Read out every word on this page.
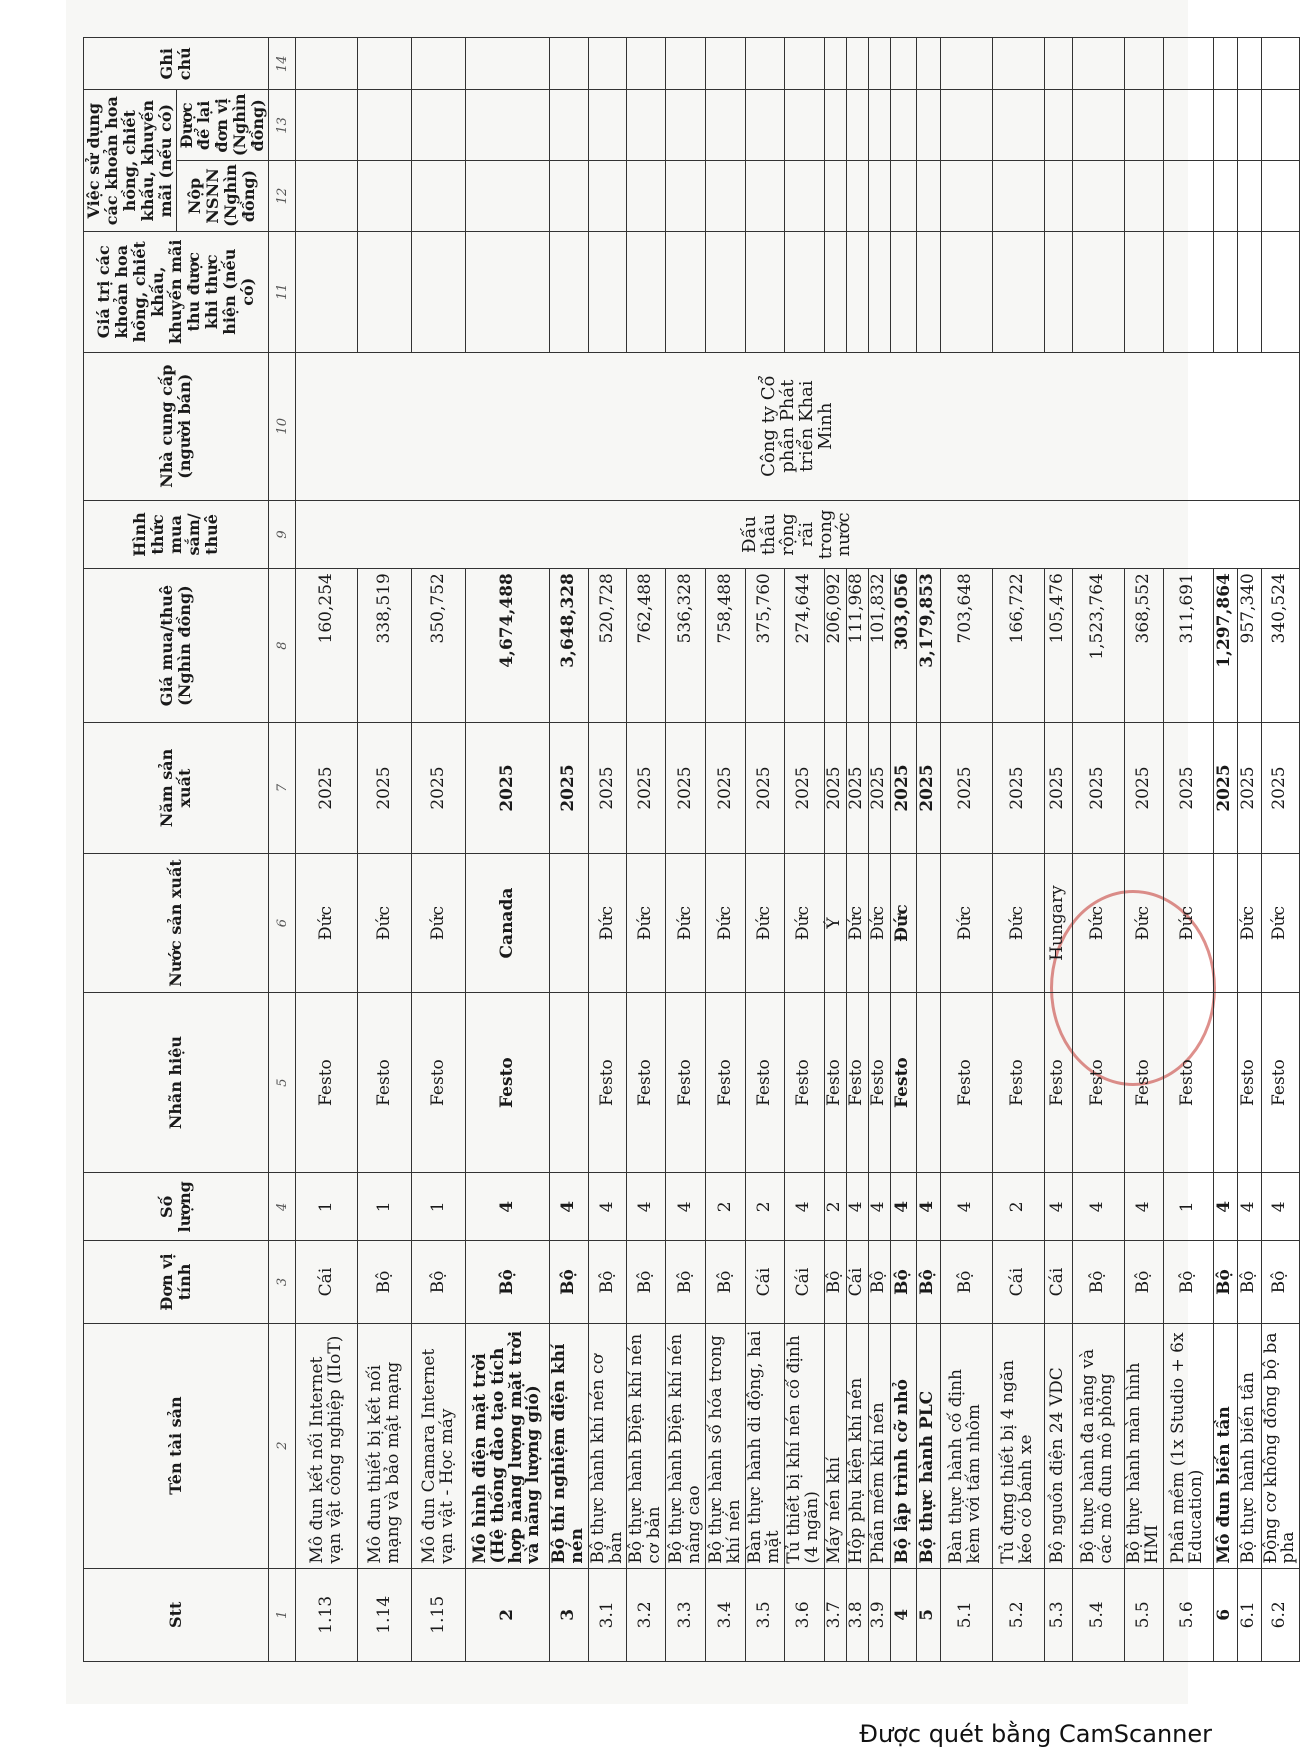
Stt	Tên tài sản	Đơn vị tính	Số lượng	Nhãn hiệu	Nước sản xuất	Năm sản xuất	Giá mua/thuê (Nghìn đồng)	Hình thức mua sắm/ thuê	Nhà cung cấp (người bán)	Giá trị các khoản hoa hồng, chiết khấu, khuyến mãi thu được khi thực hiện (nếu có)	Việc sử dụng các khoản hoa hồng, chiết khấu, khuyến mãi (nếu có)		Ghi chú
											Nộp NSNN (Nghìn đồng)	Được để lại đơn vị (Nghìn đồng)	
1	2	3	4	5	6	7	8	9	10	11	12	13	14
1.13	Mô đun kết nối Internet vạn vật công nghiệp (IIoT)	Cái	1	Festo	Đức	2025	160,254	Đấu thầu rộng rãi trong nước	Công ty Cổ phần Phát triển Khai Minh				
1.14	Mô đun thiết bị kết nối mạng và bảo mật mạng	Bộ	1	Festo	Đức	2025	338,519						
1.15	Mô đun Camara Internet vạn vật - Học máy	Bộ	1	Festo	Đức	2025	350,752						
2	Mô hình điện mặt trời (Hệ thống đào tạo tích hợp năng lượng mặt trời và năng lượng gió)	Bộ	4	Festo	Canada	2025	4,674,488						
3	Bộ thí nghiệm điện khí nén	Bộ	4			2025	3,648,328						
3.1	Bộ thực hành khí nén cơ bản	Bộ	4	Festo	Đức	2025	520,728						
3.2	Bộ thực hành Điện khí nén cơ bản	Bộ	4	Festo	Đức	2025	762,488						
3.3	Bộ thực hành Điện khí nén nâng cao	Bộ	4	Festo	Đức	2025	536,328						
3.4	Bộ thực hành số hóa trong khí nén	Bộ	2	Festo	Đức	2025	758,488						
3.5	Bàn thực hành di động, hai mặt	Cái	2	Festo	Đức	2025	375,760						
3.6	Tủ thiết bị khí nén cố định (4 ngăn)	Cái	4	Festo	Đức	2025	274,644						
3.7	Máy nén khí	Bộ	2	Festo	Ý	2025	206,092						
3.8	Hộp phụ kiện khí nén	Cái	4	Festo	Đức	2025	111,968						
3.9	Phần mềm khí nén	Bộ	4	Festo	Đức	2025	101,832						
4	Bộ lập trình cỡ nhỏ	Bộ	4	Festo	Đức	2025	303,056						
5	Bộ thực hành PLC	Bộ	4			2025	3,179,853						
5.1	Bàn thực hành cố định kèm với tấm nhôm	Bộ	4	Festo	Đức	2025	703,648						
5.2	Tủ đựng thiết bị 4 ngăn kéo có bánh xe	Cái	2	Festo	Đức	2025	166,722						
5.3	Bộ nguồn điện 24 VDC	Cái	4	Festo	Hungary	2025	105,476						
5.4	Bộ thực hành đa năng và các mô đun mô phỏng	Bộ	4	Festo	Đức	2025	1,523,764						
5.5	Bộ thực hành màn hình HMI	Bộ	4	Festo	Đức	2025	368,552						
5.6	Phần mềm (1x Studio + 6x Education)	Bộ	1	Festo	Đức	2025	311,691						
6	Mô đun biến tần	Bộ	4			2025	1,297,864						
6.1	Bộ thực hành biến tần	Bộ	4	Festo	Đức	2025	957,340						
6.2	Động cơ không đồng bộ ba pha	Bộ	4	Festo	Đức	2025	340,524						
Được quét bằng CamScanner
